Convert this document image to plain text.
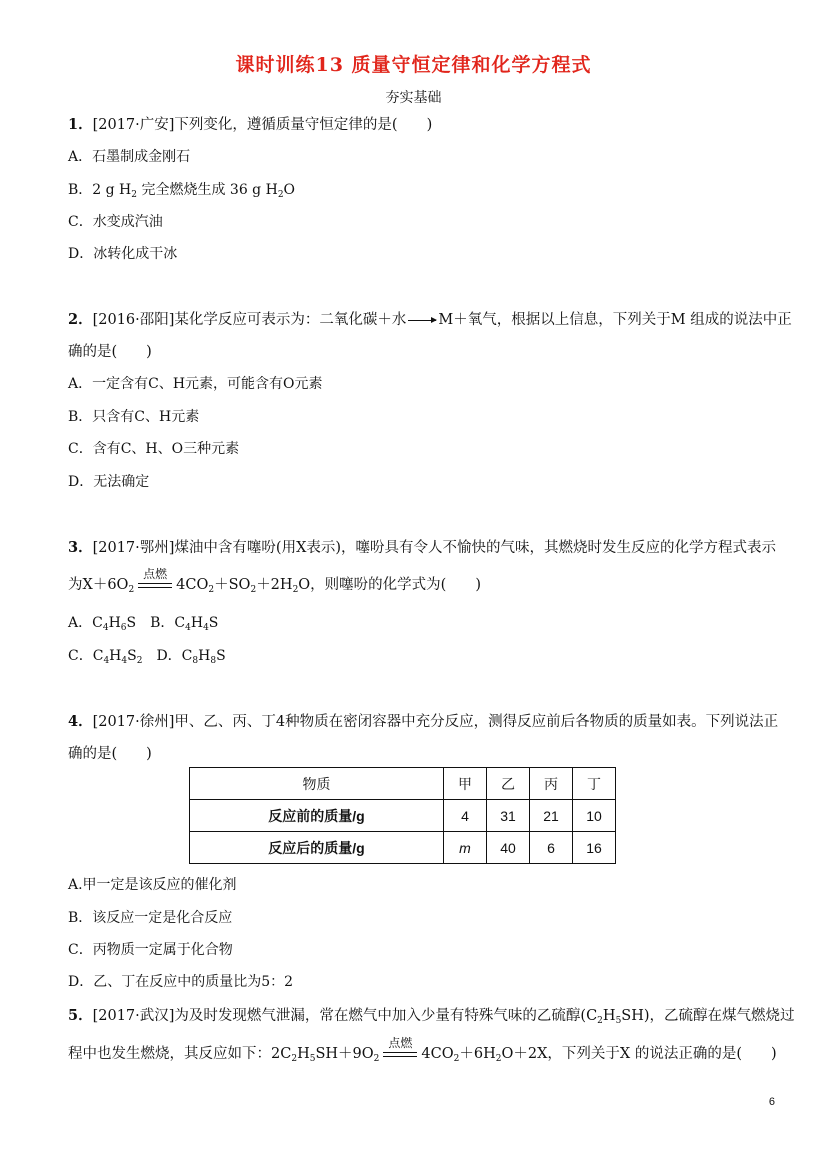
课时训练13 质量守恒定律和化学方程式
夯实基础
1．[2017·广安]下列变化，遵循质量守恒定律的是(　　)
A．石墨制成金刚石
B．2 g $H_2$ 完全燃烧生成 36 g $H_2O$
C．水变成汽油
D．冰转化成干冰
2．[2016·邵阳]某化学反应可表示为：二氧化碳＋水 → M＋氧气，根据以上信息，下列关于M 组成的说法中正
确的是(　　)
A．一定含有C、H元素，可能含有O元素
B．只含有C、H元素
C．含有C、H、O三种元素
D．无法确定
3．[2017·鄂州]煤油中含有噻吩(用X表示)，噻吩具有令人不愉快的气味，其燃烧时发生反应的化学方程式表示
为$X+6O_2$
点燃
$4CO_2+SO_2+2H_2O$，则噻吩的化学式为(　　)
A．$C_4H_6S$　B．$C_4H_4S$
C．$C_4H_4S_2$　D．$C_8H_8S$
4．[2017·徐州]甲、乙、丙、丁4种物质在密闭容器中充分反应，测得反应前后各物质的质量如表。下列说法正
确的是(　　)
物质	甲	乙	丙	丁
反应前的质量/g	4	31	21	10
反应后的质量/g	m	40	6	16
A.甲一定是该反应的催化剂
B．该反应一定是化合反应
C．丙物质一定属于化合物
D．乙、丁在反应中的质量比为5：2
5．[2017·武汉]为及时发现燃气泄漏，常在燃气中加入少量有特殊气味的乙硫醇$(C_2H_5SH)$，乙硫醇在煤气燃烧过
程中也发生燃烧，其反应如下：$2C_2H_5SH+9O_2$
点燃
$4CO_2+6H_2O+2X$，下列关于X 的说法正确的是(　　)
6
